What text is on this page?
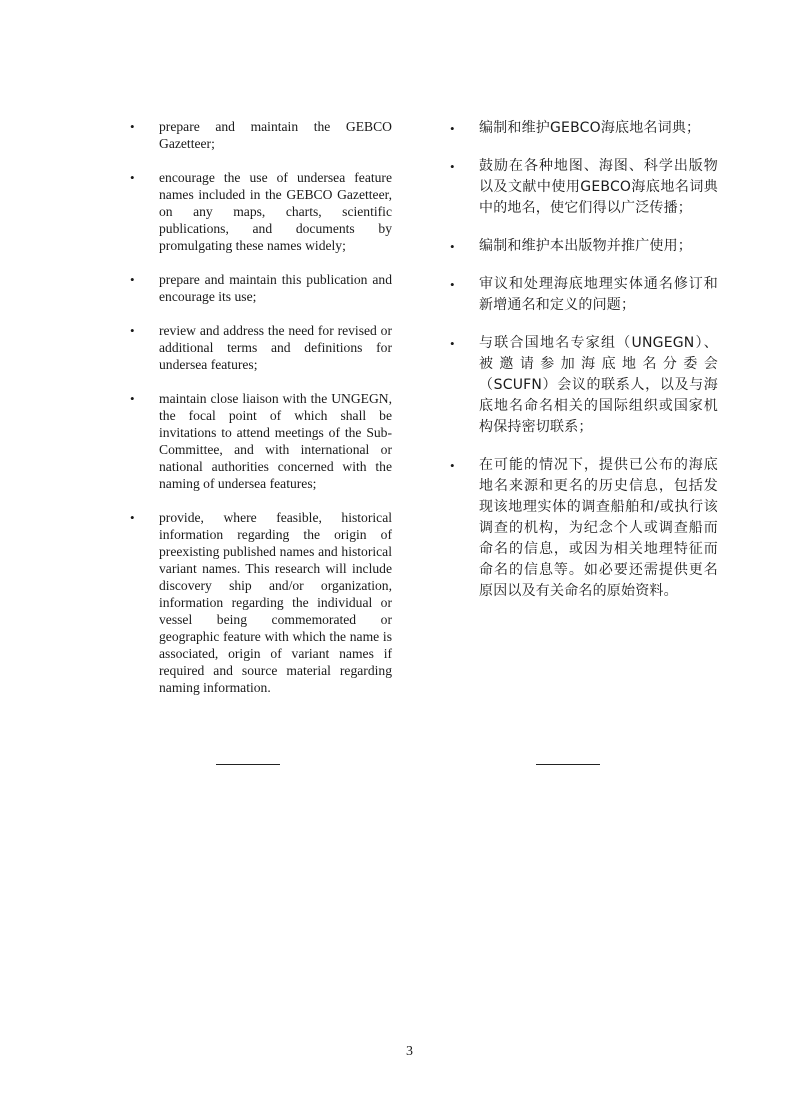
• prepare and maintain the GEBCO Gazetteer;
• encourage the use of undersea feature names included in the GEBCO Gazetteer, on any maps, charts, scientific publications, and documents by promulgating these names widely;
• prepare and maintain this publication and encourage its use;
• review and address the need for revised or additional terms and definitions for undersea features;
• maintain close liaison with the UNGEGN, the focal point of which shall be invitations to attend meetings of the Sub-Committee, and with international or national authorities concerned with the naming of undersea features;
• provide, where feasible, historical information regarding the origin of preexisting published names and historical variant names. This research will include discovery ship and/or organization, information regarding the individual or vessel being commemorated or geographic feature with which the name is associated, origin of variant names if required and source material regarding naming information.
• 编制和维护GEBCO海底地名词典；
• 鼓励在各种地图、海图、科学出版物以及文献中使用GEBCO海底地名词典中的地名，使它们得以广泛传播；
• 编制和维护本出版物并推广使用；
• 审议和处理海底地理实体通名修订和新增通名和定义的问题；
• 与联合国地名专家组（UNGEGN）、被邀请参加海底地名分委会（SCUFN）会议的联系人，以及与海底地名命名相关的国际组织或国家机构保持密切联系；
• 在可能的情况下，提供已公布的海底地名来源和更名的历史信息，包括发现该地理实体的调查船舶和/或执行该调查的机构，为纪念个人或调查船而命名的信息，或因为相关地理特征而命名的信息等。如必要还需提供更名原因以及有关命名的原始资料。
3
